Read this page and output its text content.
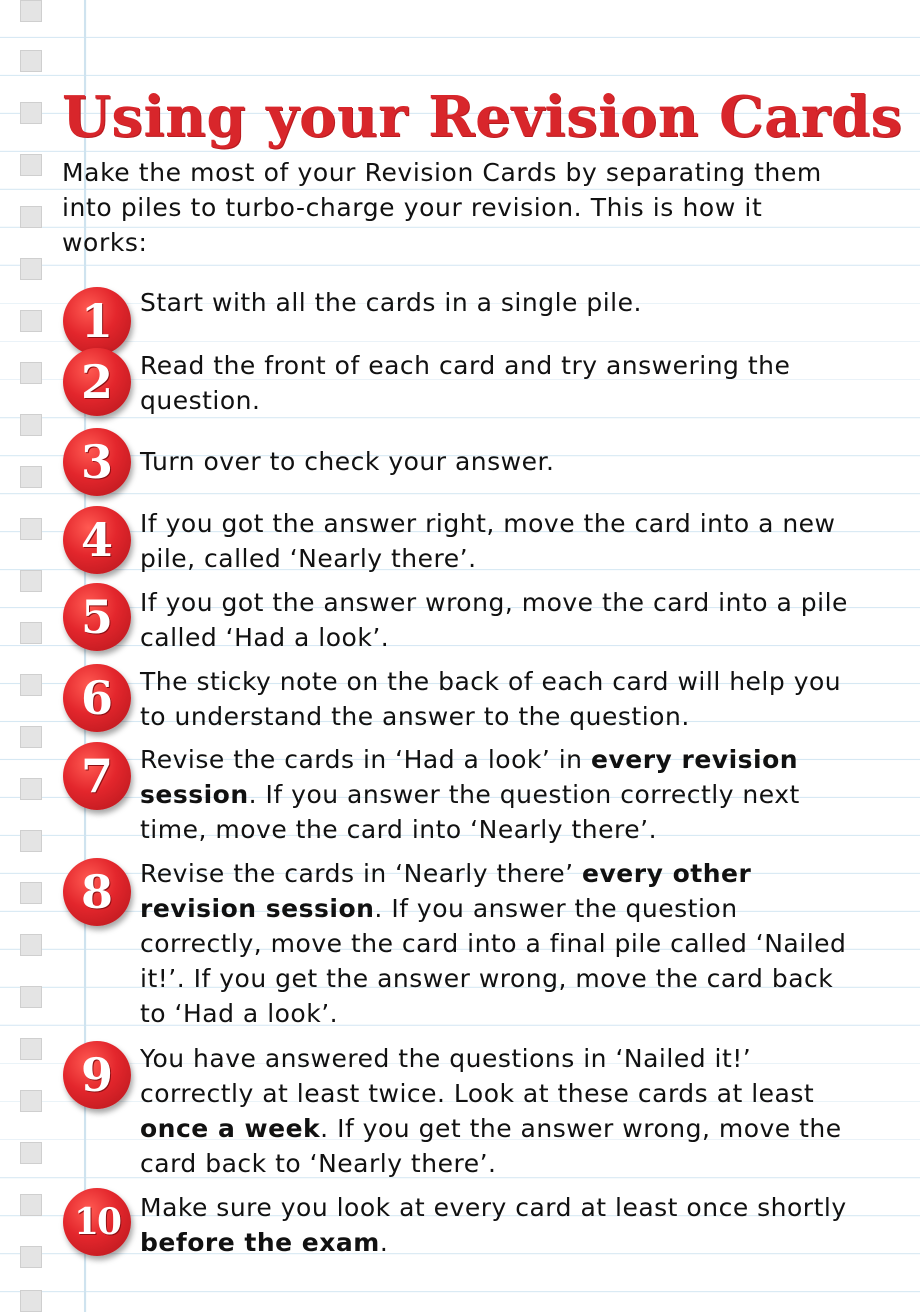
Using your Revision Cards

Make the most of your Revision Cards by separating them into piles to turbo-charge your revision. This is how it works:

1	Start with all the cards in a single pile.

2	Read the front of each card and try answering the question.

3	Turn over to check your answer.

4	If you got the answer right, move the card into a new pile, called ‘Nearly there’.

5	If you got the answer wrong, move the card into a pile called ‘Had a look’.

6	The sticky note on the back of each card will help you to understand the answer to the question.

7	Revise the cards in ‘Had a look’ in every revision session. If you answer the question correctly next time, move the card into ‘Nearly there’.

8	Revise the cards in ‘Nearly there’ every other revision session. If you answer the question correctly, move the card into a final pile called ‘Nailed it!’. If you get the answer wrong, move the card back to ‘Had a look’.

9	You have answered the questions in ‘Nailed it!’ correctly at least twice. Look at these cards at least once a week. If you get the answer wrong, move the card back to ‘Nearly there’.

10 Make sure you look at every card at least once shortly before the exam.
